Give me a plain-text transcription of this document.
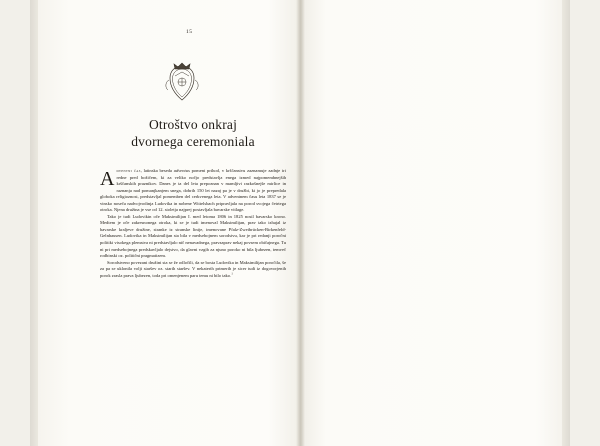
15
Otroštvo onkraj
dvornega ceremoniala

Adventni čas, latinska beseda adventus pomeni prihod, v krščanstvu zaznamuje zadnje iri redne pred božičem, ki za veliko nočjo predstavlja enega izmed najpomembnejših krščanskih praznikov. Danes je ta del leta prepoznan v mamljivi razkošnejše mirlice in raznanja nad pomanjkanjem snega, dobrih 150 let nazaj pa je v družbi, ki jo je prepredala globoka religioznost, predstavljal pomemben del cerkvenega leta. V adventnem času leta 1837 se je vinsko noseča nadvojvodinja Ludovika in nobene Wittelsbach pripravljala na porod svojega četrtega otroka. Njena družina je vse od 12. stoletja najprej postavljala bavarske vitlage.

Tako je tudi Ludovikin oče Maksimilijan I. med letoma 1806 in 1825 nosil bavarsko krono. Medtem je oče zakresnonega otroka, ki se je tudi imenoval Maksimilijan, prav tako izhajal iz bavarske kraljeve družine, stranke iz stranske linije, imenovane Pfalz-Zweibrücken-Birkenfeld-Gelnhausen. Ludovika in Maksimilijan sta bila v medsebojnem sorodstvu, kar je pri redanji poročni politiki visokega plemstva ni predstavljalo nič nenavadnega, pravzaprav nekaj povsem običajnega. Tu ni pri medsebojnega predskavljalo dejstvo, da glavni vzgib za njuno poroko ni bila ljubezen, temveč rodbinski oz. politični pragmatizem.

Sorodstveno povezani družini sta se že odločili, da se bosta Ludovika in Maksimilijan poročila, še za pa se uklonila volji staršev oz. starih staršev. V nekaterih primerih je sicer tudi iz dogovorjenih porok zrasla prava ljubezen, toda pri omenjenem paru temu ni bilo tako.$^1$
